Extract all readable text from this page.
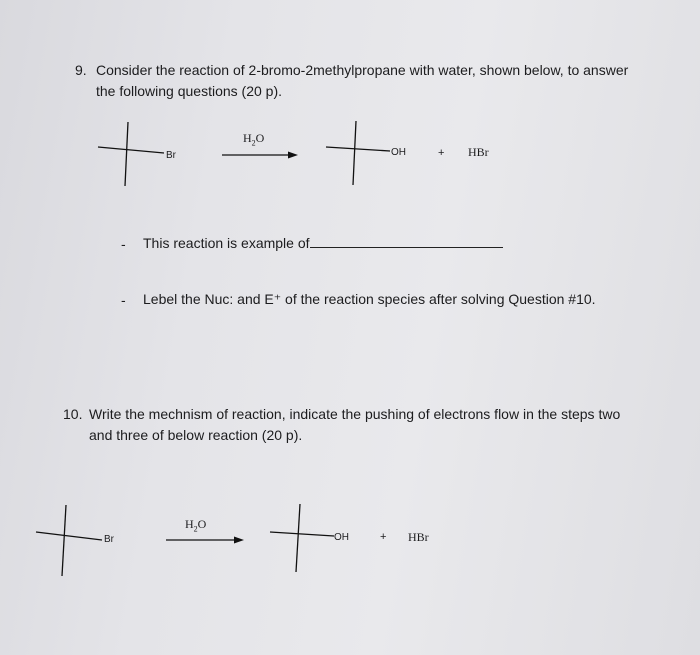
9. Consider the reaction of 2-bromo-2methylpropane with water, shown below, to answer
the following questions (20 p).
Br
$H_2O$
OH	+ HBr
- This reaction is example of
- Lebel the Nuc: and E⁺ of the reaction species after solving Question #10.
10. Write the mechnism of reaction, indicate the pushing of electrons flow in the steps two
and three of below reaction (20 p).
Br
$H_2O$
OH	+ HBr
